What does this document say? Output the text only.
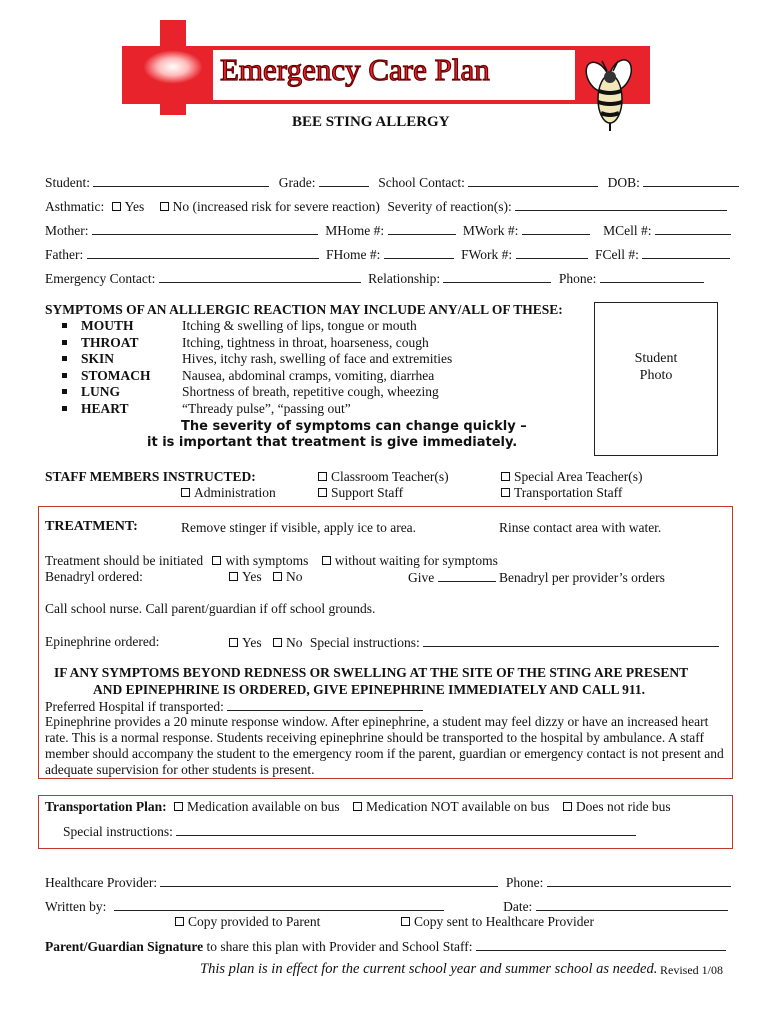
Emergency Care Plan
BEE STING ALLERGY
Student:	Grade:	School Contact:	DOB:
Asthmatic: Yes No (increased risk for severe reaction) Severity of reaction(s):
Mother:	MHome #:	MWork #:	MCell #:
Father:	FHome #:	FWork #:	FCell #:
Emergency Contact:	Relationship:	Phone:
SYMPTOMS OF AN ALLLERGIC REACTION MAY INCLUDE ANY/ALL OF THESE:
MOUTH	Itching & swelling of lips, tongue or mouth
THROAT	Itching, tightness in throat, hoarseness, cough
SKIN	Hives, itchy rash, swelling of face and extremities
STOMACH Nausea, abdominal cramps, vomiting, diarrhea
LUNG	Shortness of breath, repetitive cough, wheezing
HEART	“Thready pulse”, “passing out”
The severity of symptoms can change quickly –
it is important that treatment is give immediately.
Student
Photo
STAFF MEMBERS INSTRUCTED:	Classroom Teacher(s)	Special Area Teacher(s)
Administration	Support Staff	Transportation Staff
TREATMENT:	Remove stinger if visible, apply ice to area.	Rinse contact area with water.
Treatment should be initiated with symptoms without waiting for symptoms
Benadryl ordered:	Yes No	Give	Benadryl per provider’s orders
Call school nurse. Call parent/guardian if off school grounds.
Epinephrine ordered:	Yes No Special instructions:
IF ANY SYMPTOMS BEYOND REDNESS OR SWELLING AT THE SITE OF THE STING ARE PRESENT
AND EPINEPHRINE IS ORDERED, GIVE EPINEPHRINE IMMEDIATELY AND CALL 911.
Preferred Hospital if transported:
Epinephrine provides a 20 minute response window. After epinephrine, a student may feel dizzy or have an increased heart
rate. This is a normal response. Students receiving epinephrine should be transported to the hospital by ambulance. A staff
member should accompany the student to the emergency room if the parent, guardian or emergency contact is not present and
adequate supervision for other students is present.
Transportation Plan: Medication available on bus Medication NOT available on bus Does not ride bus
Special instructions:
Healthcare Provider:	Phone:
Written by:	Date:
Copy provided to Parent	Copy sent to Healthcare Provider
Parent/Guardian Signature to share this plan with Provider and School Staff:
This plan is in effect for the current school year and summer school as needed. Revised 1/08
